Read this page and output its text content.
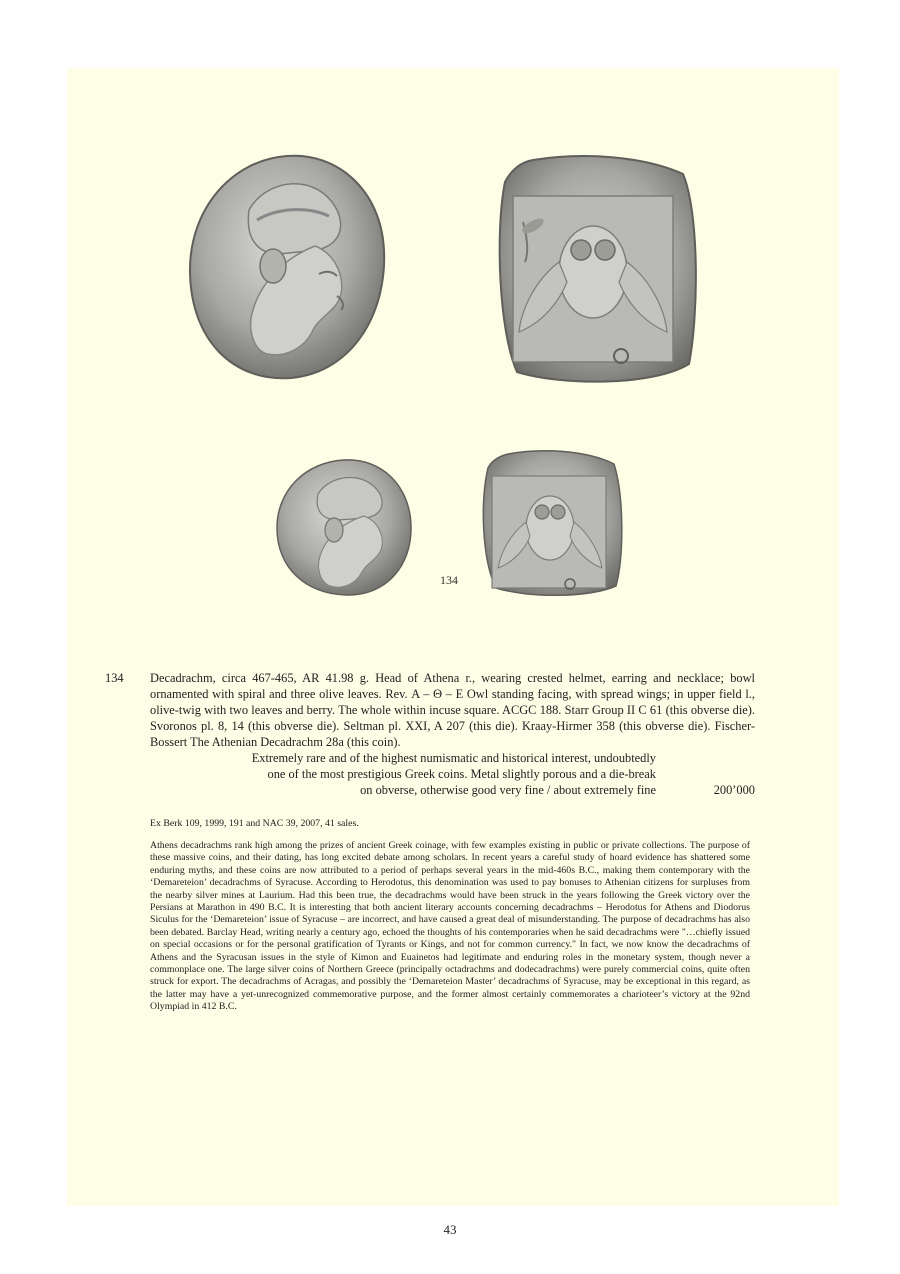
134
134 Decadrachm, circa 467-465, AR 41.98 g. Head of Athena r., wearing crested helmet, earring and necklace; bowl ornamented with spiral and three olive leaves. Rev. Α – Θ – Ε Owl standing facing, with spread wings; in upper field l., olive-twig with two leaves and berry. The whole within incuse square. ACGC 188. Starr Group II C 61 (this obverse die). Svoronos pl. 8, 14 (this obverse die). Seltman pl. XXI, A 207 (this die). Kraay-Hirmer 358 (this obverse die). Fischer-Bossert The Athenian Decadrachm 28a (this coin).

Extremely rare and of the highest numismatic and historical interest, undoubtedly
one of the most prestigious Greek coins. Metal slightly porous and a die-break
on obverse, otherwise good very fine / about extremely fine	200’000
Ex Berk 109, 1999, 191 and NAC 39, 2007, 41 sales.
Athens decadrachms rank high among the prizes of ancient Greek coinage, with few examples existing in public or private collections. The purpose of these massive coins, and their dating, has long excited debate among scholars. In recent years a careful study of hoard evidence has shattered some enduring myths, and these coins are now attributed to a period of perhaps several years in the mid-460s B.C., making them contemporary with the ‘Demareteion’ decadrachms of Syracuse. According to Herodotus, this denomination was used to pay bonuses to Athenian citizens for surpluses from the nearby silver mines at Laurium. Had this been true, the decadrachms would have been struck in the years following the Greek victory over the Persians at Marathon in 490 B.C. It is interesting that both ancient literary accounts concerning decadrachms – Herodotus for Athens and Diodorus Siculus for the ‘Demareteion’ issue of Syracuse – are incorrect, and have caused a great deal of misunderstanding. The purpose of decadrachms has also been debated. Barclay Head, writing nearly a century ago, echoed the thoughts of his contemporaries when he said decadrachms were "…chiefly issued on special occasions or for the personal gratification of Tyrants or Kings, and not for common currency." In fact, we now know the decadrachms of Athens and the Syracusan issues in the style of Kimon and Euainetos had legitimate and enduring roles in the monetary system, though never a commonplace one. The large silver coins of Northern Greece (principally octadrachms and dodecadrachms) were purely commercial coins, quite often struck for export. The decadrachms of Acragas, and possibly the ‘Demareteion Master’ decadrachms of Syracuse, may be exceptional in this regard, as the latter may have a yet-unrecognized commemorative purpose, and the former almost certainly commemorates a charioteer’s victory at the 92nd Olympiad in 412 B.C.
43
